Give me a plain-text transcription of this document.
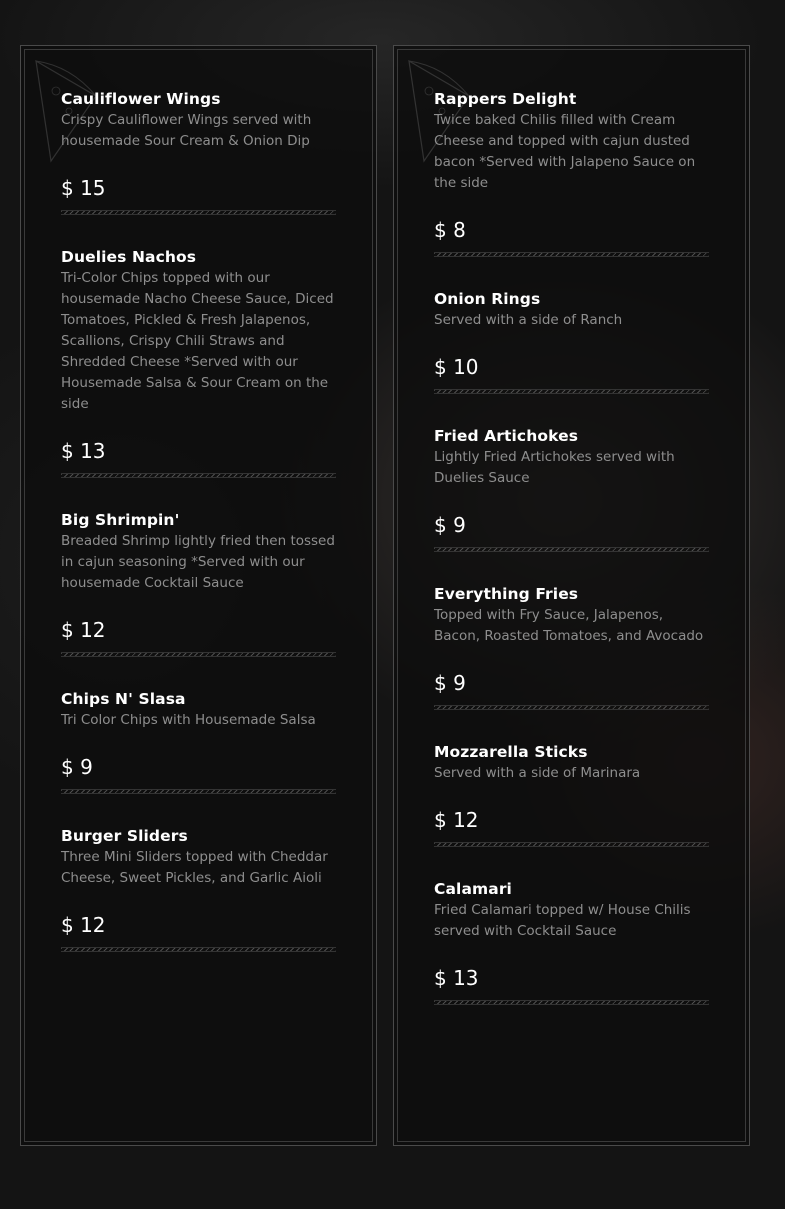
Cauliflower Wings
Crispy Cauliflower Wings served with housemade Sour Cream & Onion Dip
$ 15
Duelies Nachos
Tri-Color Chips topped with our housemade Nacho Cheese Sauce, Diced Tomatoes, Pickled & Fresh Jalapenos, Scallions, Crispy Chili Straws and Shredded Cheese *Served with our Housemade Salsa & Sour Cream on the side
$ 13
Big Shrimpin'
Breaded Shrimp lightly fried then tossed in cajun seasoning *Served with our housemade Cocktail Sauce
$ 12
Chips N' Slasa
Tri Color Chips with Housemade Salsa
$ 9
Burger Sliders
Three Mini Sliders topped with Cheddar Cheese, Sweet Pickles, and Garlic Aioli
$ 12
Rappers Delight
Twice baked Chilis filled with Cream Cheese and topped with cajun dusted bacon *Served with Jalapeno Sauce on the side
$ 8
Onion Rings
Served with a side of Ranch
$ 10
Fried Artichokes
Lightly Fried Artichokes served with Duelies Sauce
$ 9
Everything Fries
Topped with Fry Sauce, Jalapenos, Bacon, Roasted Tomatoes, and Avocado
$ 9
Mozzarella Sticks
Served with a side of Marinara
$ 12
Calamari
Fried Calamari topped w/ House Chilis served with Cocktail Sauce
$ 13
